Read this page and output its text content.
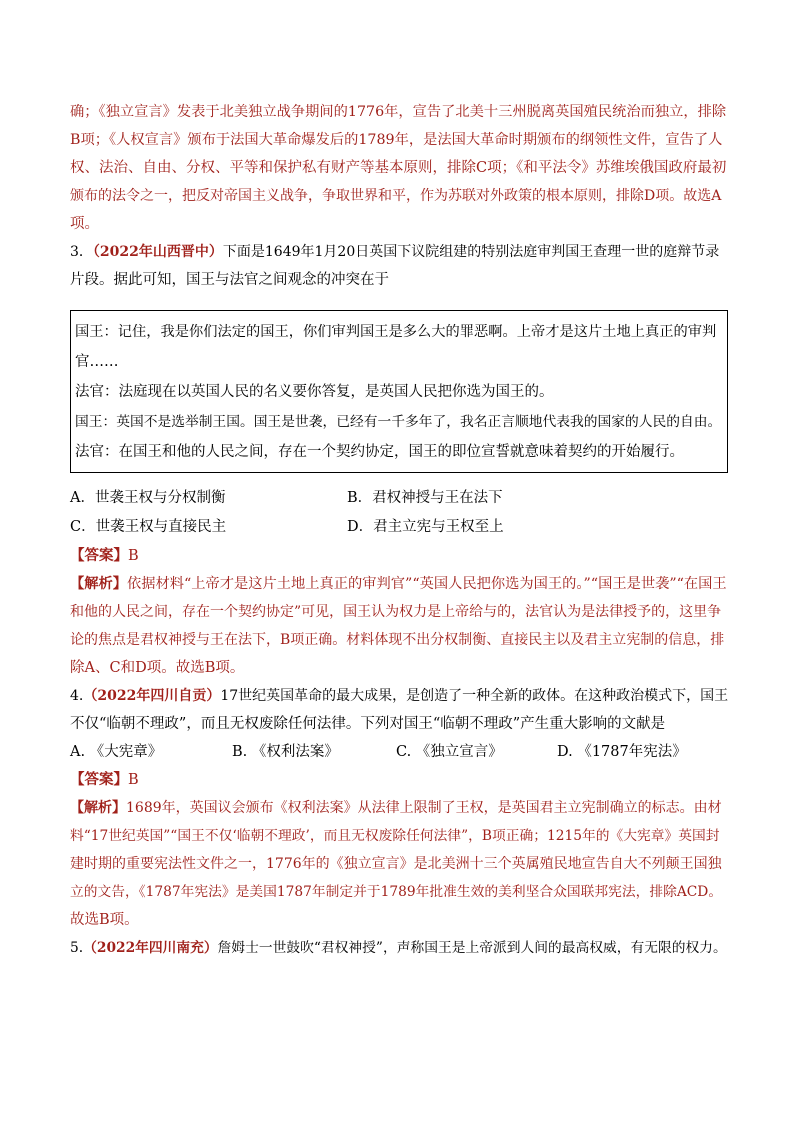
确；《独立宣言》发表于北美独立战争期间的1776年，宣告了北美十三州脱离英国殖民统治而独立，排除
B项；《人权宣言》颁布于法国大革命爆发后的1789年，是法国大革命时期颁布的纲领性文件，宣告了人
权、法治、自由、分权、平等和保护私有财产等基本原则，排除C项；《和平法令》苏维埃俄国政府最初
颁布的法令之一，把反对帝国主义战争，争取世界和平，作为苏联对外政策的根本原则，排除D项。故选A
项。
3．（2022年山西晋中）下面是1649年1月20日英国下议院组建的特别法庭审判国王查理一世的庭辩节录
片段。据此可知，国王与法官之间观念的冲突在于
国王：记住，我是你们法定的国王，你们审判国王是多么大的罪恶啊。上帝才是这片土地上真正的审判
官……
法官：法庭现在以英国人民的名义要你答复，是英国人民把你选为国王的。
国王：英国不是选举制王国。国王是世袭，已经有一千多年了，我名正言顺地代表我的国家的人民的自由。
法官：在国王和他的人民之间，存在一个契约协定，国王的即位宣誓就意味着契约的开始履行。
A．世袭王权与分权制衡	B．君权神授与王在法下
C．世袭王权与直接民主	D．君主立宪与王权至上
【答案】B
【解析】依据材料“上帝才是这片土地上真正的审判官”“英国人民把你选为国王的。”“国王是世袭”“在国王
和他的人民之间，存在一个契约协定”可见，国王认为权力是上帝给与的，法官认为是法律授予的，这里争
论的焦点是君权神授与王在法下，B项正确。材料体现不出分权制衡、直接民主以及君主立宪制的信息，排
除A、C和D项。故选B项。
4.（2022年四川自贡）17世纪英国革命的最大成果，是创造了一种全新的政体。在这种政治模式下，国王
不仅“临朝不理政”，而且无权废除任何法律。下列对国王“临朝不理政”产生重大影响的文献是
A. 《大宪章》	B. 《权利法案》	C. 《独立宣言》	D. 《1787年宪法》
【答案】B
【解析】1689年，英国议会颁布《权利法案》从法律上限制了王权，是英国君主立宪制确立的标志。由材
料“17世纪英国”“国王不仅‘临朝不理政’，而且无权废除任何法律”，B项正确；1215年的《大宪章》英国封
建时期的重要宪法性文件之一，1776年的《独立宣言》是北美洲十三个英属殖民地宣告自大不列颠王国独
立的文告，《1787年宪法》是美国1787年制定并于1789年批准生效的美利坚合众国联邦宪法，排除ACD。
故选B项。
5.（2022年四川南充）詹姆士一世鼓吹“君权神授”，声称国王是上帝派到人间的最高权威，有无限的权力。
